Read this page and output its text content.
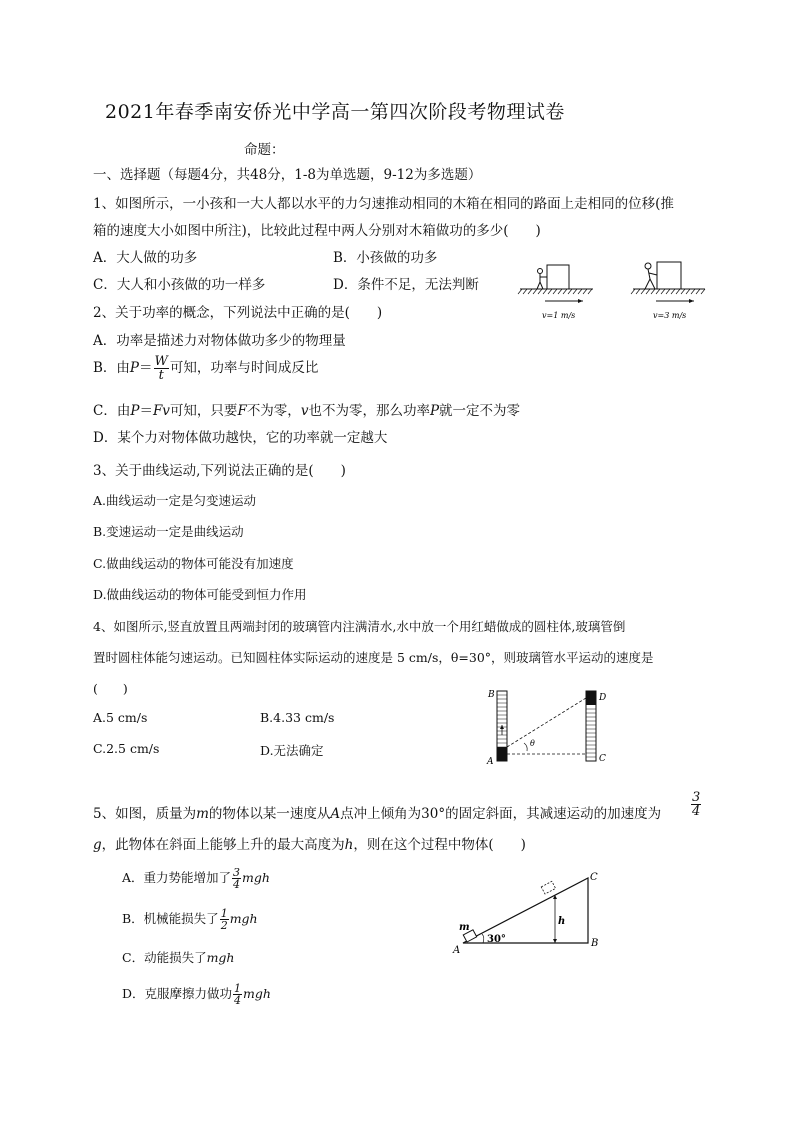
2021年春季南安侨光中学高一第四次阶段考物理试卷
命题：
一、选择题（每题4分，共48分，1-8为单选题，9-12为多选题）
1、如图所示，一小孩和一大人都以水平的力匀速推动相同的木箱在相同的路面上走相同的位移(推
箱的速度大小如图中所注)，比较此过程中两人分别对木箱做功的多少(　　)
A．大人做的功多	B．小孩做的功多
C．大人和小孩做的功一样多	D．条件不足，无法判断
v=1 m/s	v=3 m/s
2、关于功率的概念，下列说法中正确的是(　　)
A．功率是描述力对物体做功多少的物理量
B．由$P= \frac{W}{t}$ 可知，功率与时间成反比
C．由P＝Fv可知，只要F不为零，v也不为零，那么功率P就一定不为零
D．某个力对物体做功越快，它的功率就一定越大
3、关于曲线运动,下列说法正确的是(　　)
A.曲线运动一定是匀变速运动
B.变速运动一定是曲线运动
C.做曲线运动的物体可能没有加速度
D.做曲线运动的物体可能受到恒力作用
4、如图所示,竖直放置且两端封闭的玻璃管内注满清水,水中放一个用红蜡做成的圆柱体,玻璃管倒
置时圆柱体能匀速运动。已知圆柱体实际运动的速度是 5 cm/s，θ=30°，则玻璃管水平运动的速度是
(　　)
A.5 cm/s	B.4.33 cm/s
C.2.5 cm/s	D.无法确定
B
A
D
C
θ
5、如图，质量为m的物体以某一速度从A点冲上倾角为30°的固定斜面，其减速运动的加速度为 $\frac{3}{4}$
g，此物体在斜面上能够上升的最大高度为h，则在这个过程中物体(　　)
A．重力势能增加了 $\frac{3}{4}$ mgh
B．机械能损失了 $\frac{1}{2}$ mgh
C．动能损失了mgh
D．克服摩擦力做功 $\frac{1}{4}$ mgh
m
A
30°	B
C
h
